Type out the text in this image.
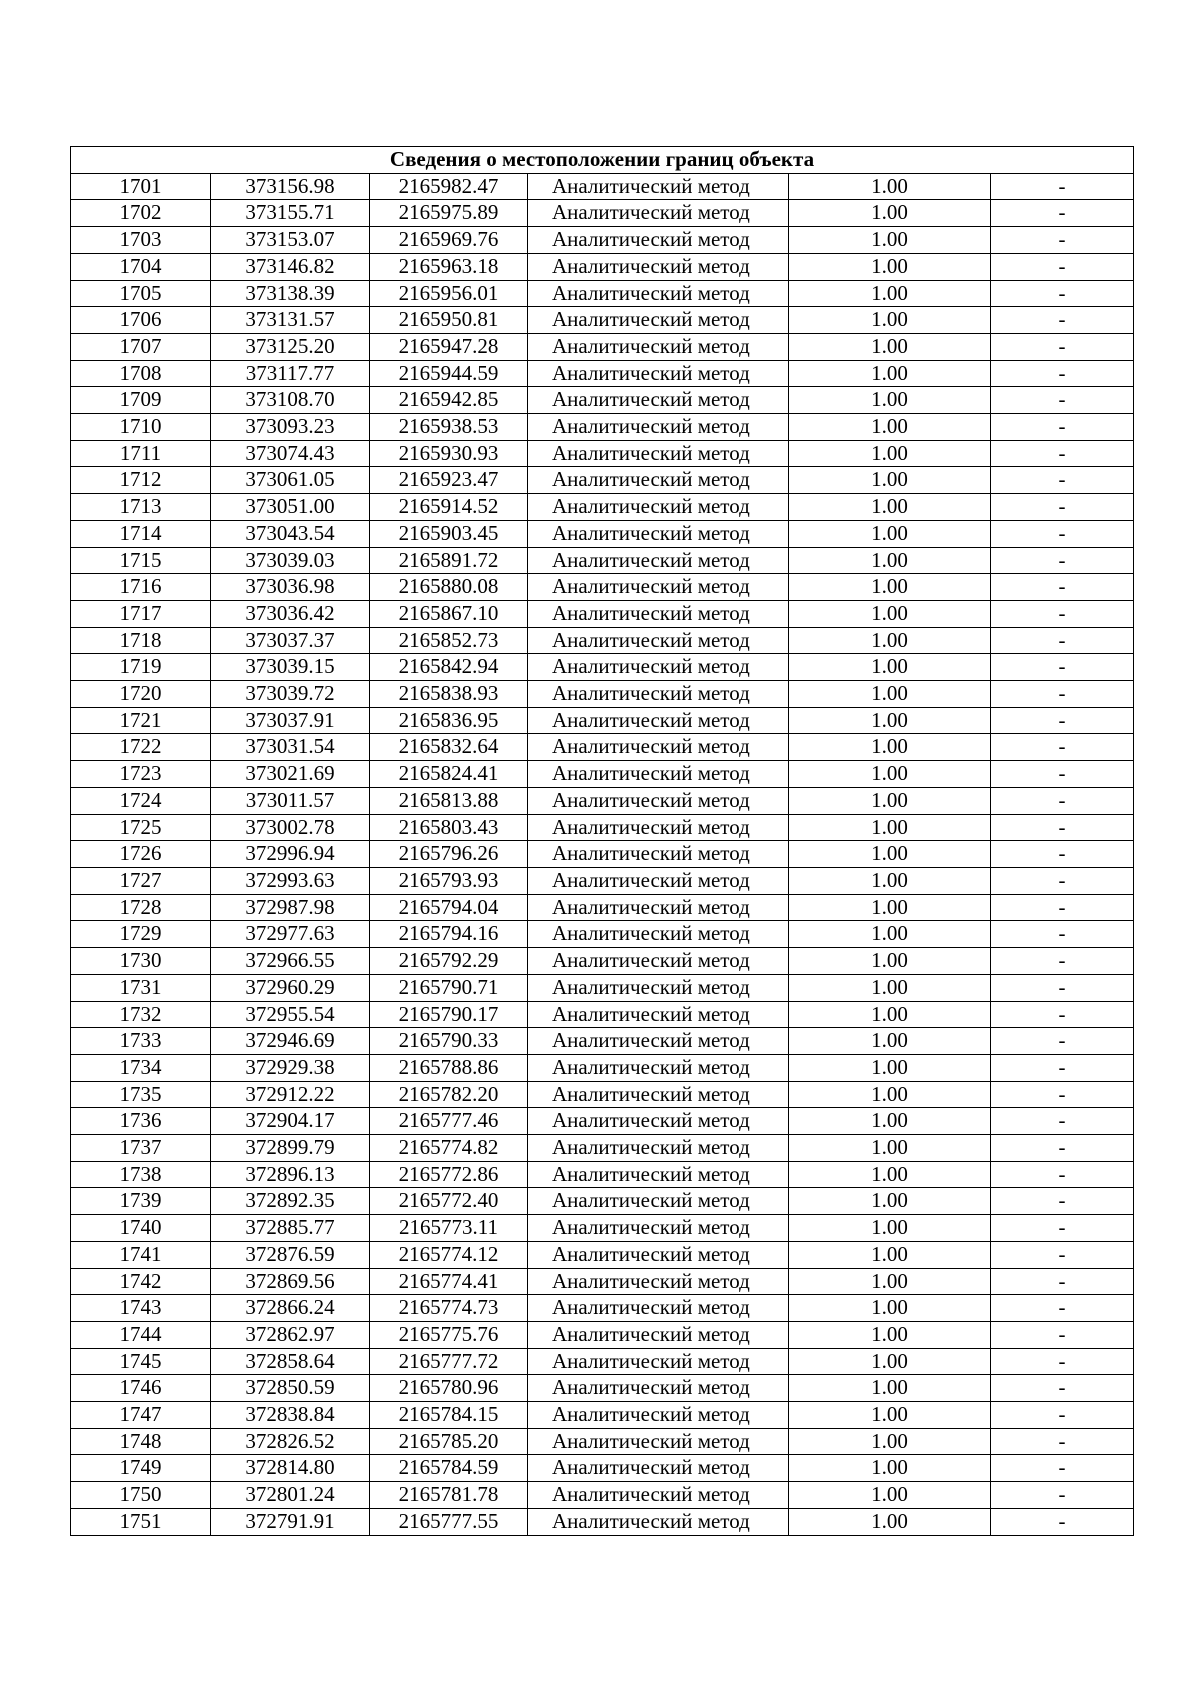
Сведения о местоположении границ объекта					
1701	373156.98	2165982.47	Аналитический метод	1.00	-
1702	373155.71	2165975.89	Аналитический метод	1.00	-
1703	373153.07	2165969.76	Аналитический метод	1.00	-
1704	373146.82	2165963.18	Аналитический метод	1.00	-
1705	373138.39	2165956.01	Аналитический метод	1.00	-
1706	373131.57	2165950.81	Аналитический метод	1.00	-
1707	373125.20	2165947.28	Аналитический метод	1.00	-
1708	373117.77	2165944.59	Аналитический метод	1.00	-
1709	373108.70	2165942.85	Аналитический метод	1.00	-
1710	373093.23	2165938.53	Аналитический метод	1.00	-
1711	373074.43	2165930.93	Аналитический метод	1.00	-
1712	373061.05	2165923.47	Аналитический метод	1.00	-
1713	373051.00	2165914.52	Аналитический метод	1.00	-
1714	373043.54	2165903.45	Аналитический метод	1.00	-
1715	373039.03	2165891.72	Аналитический метод	1.00	-
1716	373036.98	2165880.08	Аналитический метод	1.00	-
1717	373036.42	2165867.10	Аналитический метод	1.00	-
1718	373037.37	2165852.73	Аналитический метод	1.00	-
1719	373039.15	2165842.94	Аналитический метод	1.00	-
1720	373039.72	2165838.93	Аналитический метод	1.00	-
1721	373037.91	2165836.95	Аналитический метод	1.00	-
1722	373031.54	2165832.64	Аналитический метод	1.00	-
1723	373021.69	2165824.41	Аналитический метод	1.00	-
1724	373011.57	2165813.88	Аналитический метод	1.00	-
1725	373002.78	2165803.43	Аналитический метод	1.00	-
1726	372996.94	2165796.26	Аналитический метод	1.00	-
1727	372993.63	2165793.93	Аналитический метод	1.00	-
1728	372987.98	2165794.04	Аналитический метод	1.00	-
1729	372977.63	2165794.16	Аналитический метод	1.00	-
1730	372966.55	2165792.29	Аналитический метод	1.00	-
1731	372960.29	2165790.71	Аналитический метод	1.00	-
1732	372955.54	2165790.17	Аналитический метод	1.00	-
1733	372946.69	2165790.33	Аналитический метод	1.00	-
1734	372929.38	2165788.86	Аналитический метод	1.00	-
1735	372912.22	2165782.20	Аналитический метод	1.00	-
1736	372904.17	2165777.46	Аналитический метод	1.00	-
1737	372899.79	2165774.82	Аналитический метод	1.00	-
1738	372896.13	2165772.86	Аналитический метод	1.00	-
1739	372892.35	2165772.40	Аналитический метод	1.00	-
1740	372885.77	2165773.11	Аналитический метод	1.00	-
1741	372876.59	2165774.12	Аналитический метод	1.00	-
1742	372869.56	2165774.41	Аналитический метод	1.00	-
1743	372866.24	2165774.73	Аналитический метод	1.00	-
1744	372862.97	2165775.76	Аналитический метод	1.00	-
1745	372858.64	2165777.72	Аналитический метод	1.00	-
1746	372850.59	2165780.96	Аналитический метод	1.00	-
1747	372838.84	2165784.15	Аналитический метод	1.00	-
1748	372826.52	2165785.20	Аналитический метод	1.00	-
1749	372814.80	2165784.59	Аналитический метод	1.00	-
1750	372801.24	2165781.78	Аналитический метод	1.00	-
1751	372791.91	2165777.55	Аналитический метод	1.00	-
